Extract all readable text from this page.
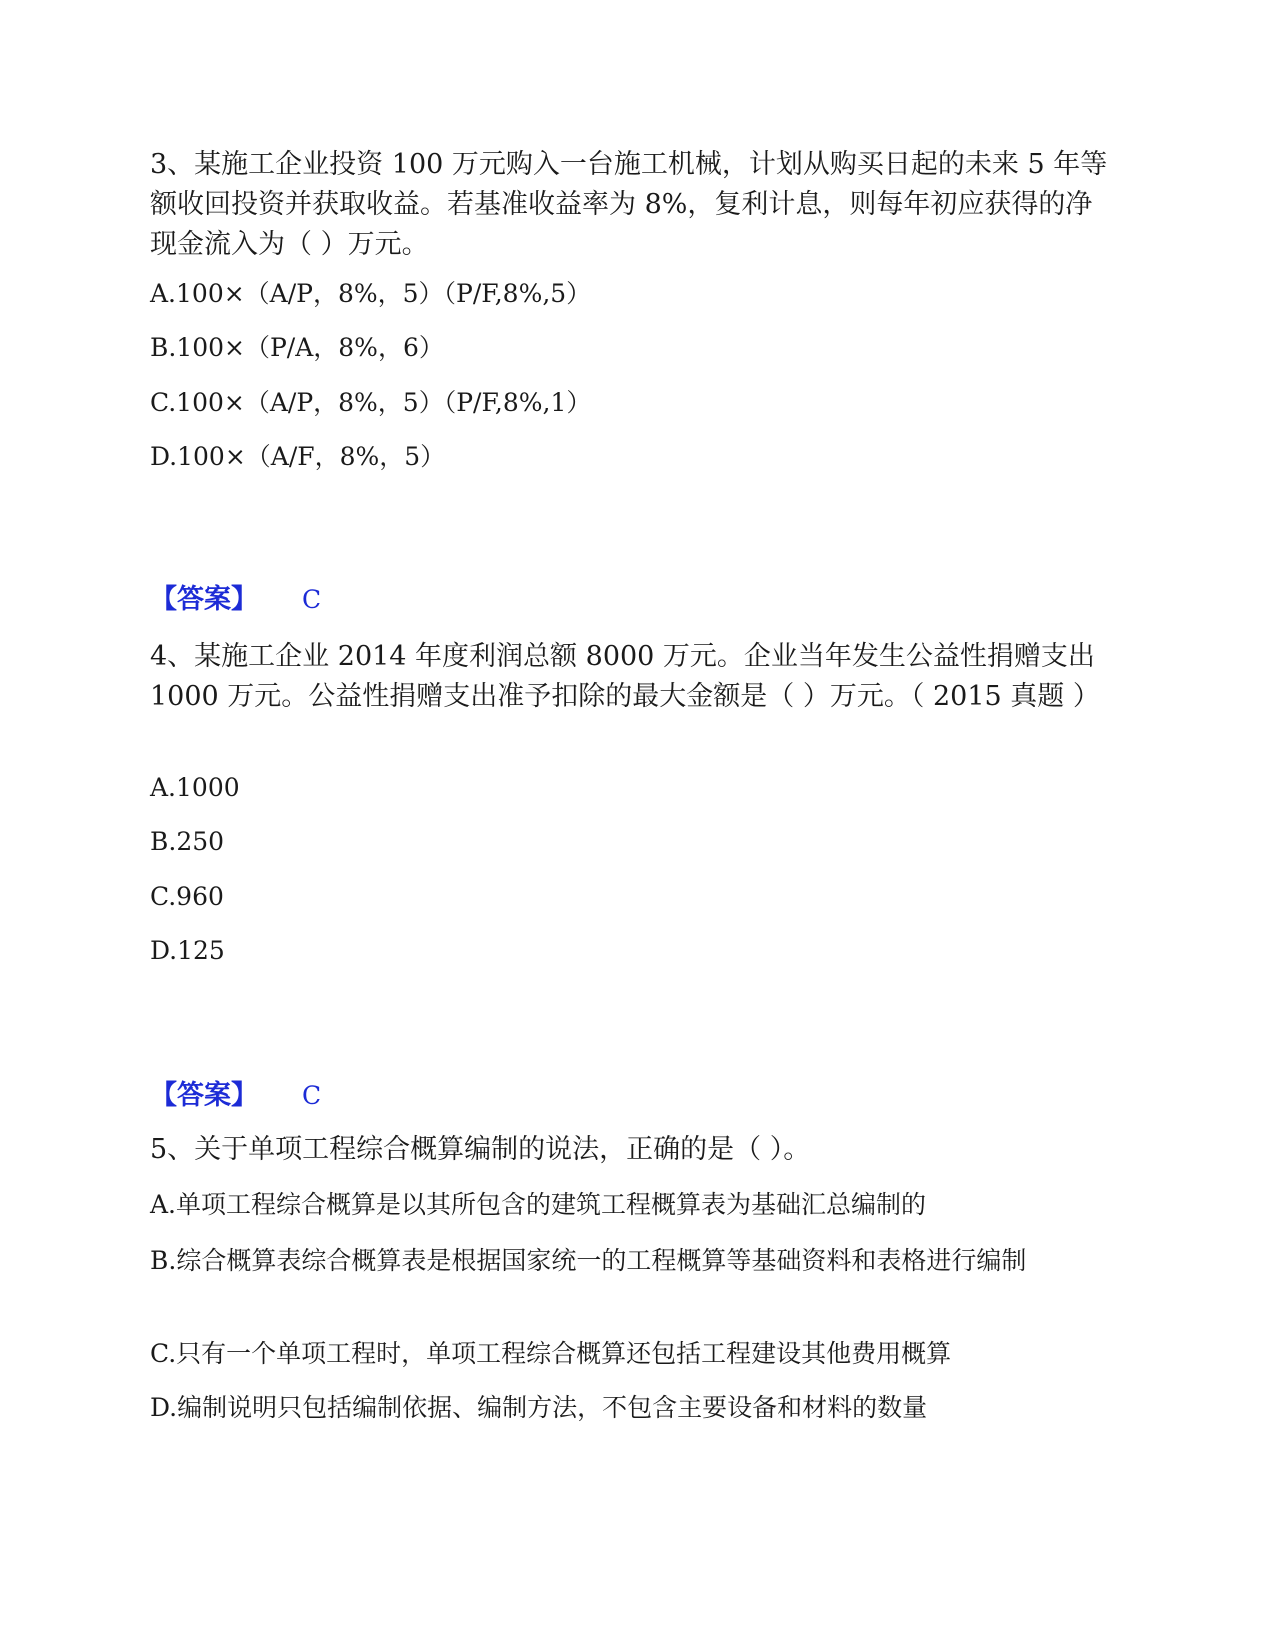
3、某施工企业投资 100 万元购入一台施工机械，计划从购买日起的未来 5 年等额收回投资并获取收益。若基准收益率为 8%，复利计息，则每年初应获得的净现金流入为（ ）万元。

A.100×（A/P，8%，5）（P/F,8%,5）

B.100×（P/A，8%，6）

C.100×（A/P，8%，5）（P/F,8%,1）

D.100×（A/F，8%，5）

【答案】 C

4、某施工企业 2014 年度利润总额 8000 万元。企业当年发生公益性捐赠支出 1000 万元。公益性捐赠支出准予扣除的最大金额是（ ）万元。（ 2015 真题 ）

A.1000

B.250

C.960

D.125

【答案】 C

5、关于单项工程综合概算编制的说法，正确的是（ ）。

A.单项工程综合概算是以其所包含的建筑工程概算表为基础汇总编制的

B.综合概算表综合概算表是根据国家统一的工程概算等基础资料和表格进行编制

C.只有一个单项工程时，单项工程综合概算还包括工程建设其他费用概算

D.编制说明只包括编制依据、编制方法，不包含主要设备和材料的数量
